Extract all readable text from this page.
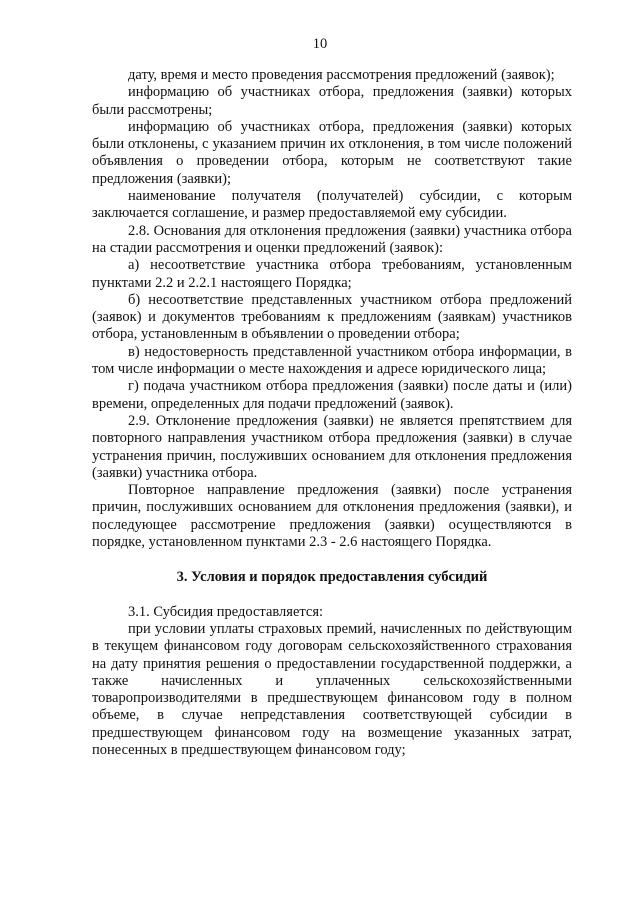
10

дату, время и место проведения рассмотрения предложений (заявок);

информацию об участниках отбора, предложения (заявки) которых были рассмотрены;

информацию об участниках отбора, предложения (заявки) которых были отклонены, с указанием причин их отклонения, в том числе положений объявления о проведении отбора, которым не соответствуют такие предложения (заявки);

наименование получателя (получателей) субсидии, с которым заключается соглашение, и размер предоставляемой ему субсидии.

2.8. Основания для отклонения предложения (заявки) участника отбора на стадии рассмотрения и оценки предложений (заявок):

а) несоответствие участника отбора требованиям, установленным пунктами 2.2 и 2.2.1 настоящего Порядка;

б) несоответствие представленных участником отбора предложений (заявок) и документов требованиям к предложениям (заявкам) участников отбора, установленным в объявлении о проведении отбора;

в) недостоверность представленной участником отбора информации, в том числе информации о месте нахождения и адресе юридического лица;

г) подача участником отбора предложения (заявки) после даты и (или) времени, определенных для подачи предложений (заявок).

2.9. Отклонение предложения (заявки) не является препятствием для повторного направления участником отбора предложения (заявки) в случае устранения причин, послуживших основанием для отклонения предложения (заявки) участника отбора.

Повторное направление предложения (заявки) после устранения причин, послуживших основанием для отклонения предложения (заявки), и последующее рассмотрение предложения (заявки) осуществляются в порядке, установленном пунктами 2.3 - 2.6 настоящего Порядка.

3. Условия и порядок предоставления субсидий

3.1. Субсидия предоставляется:

при условии уплаты страховых премий, начисленных по действующим в текущем финансовом году договорам сельскохозяйственного страхования на дату принятия решения о предоставлении государственной поддержки, а также начисленных и уплаченных сельскохозяйственными товаропроизводителями в предшествующем финансовом году в полном объеме, в случае непредставления соответствующей субсидии в предшествующем финансовом году на возмещение указанных затрат, понесенных в предшествующем финансовом году;
